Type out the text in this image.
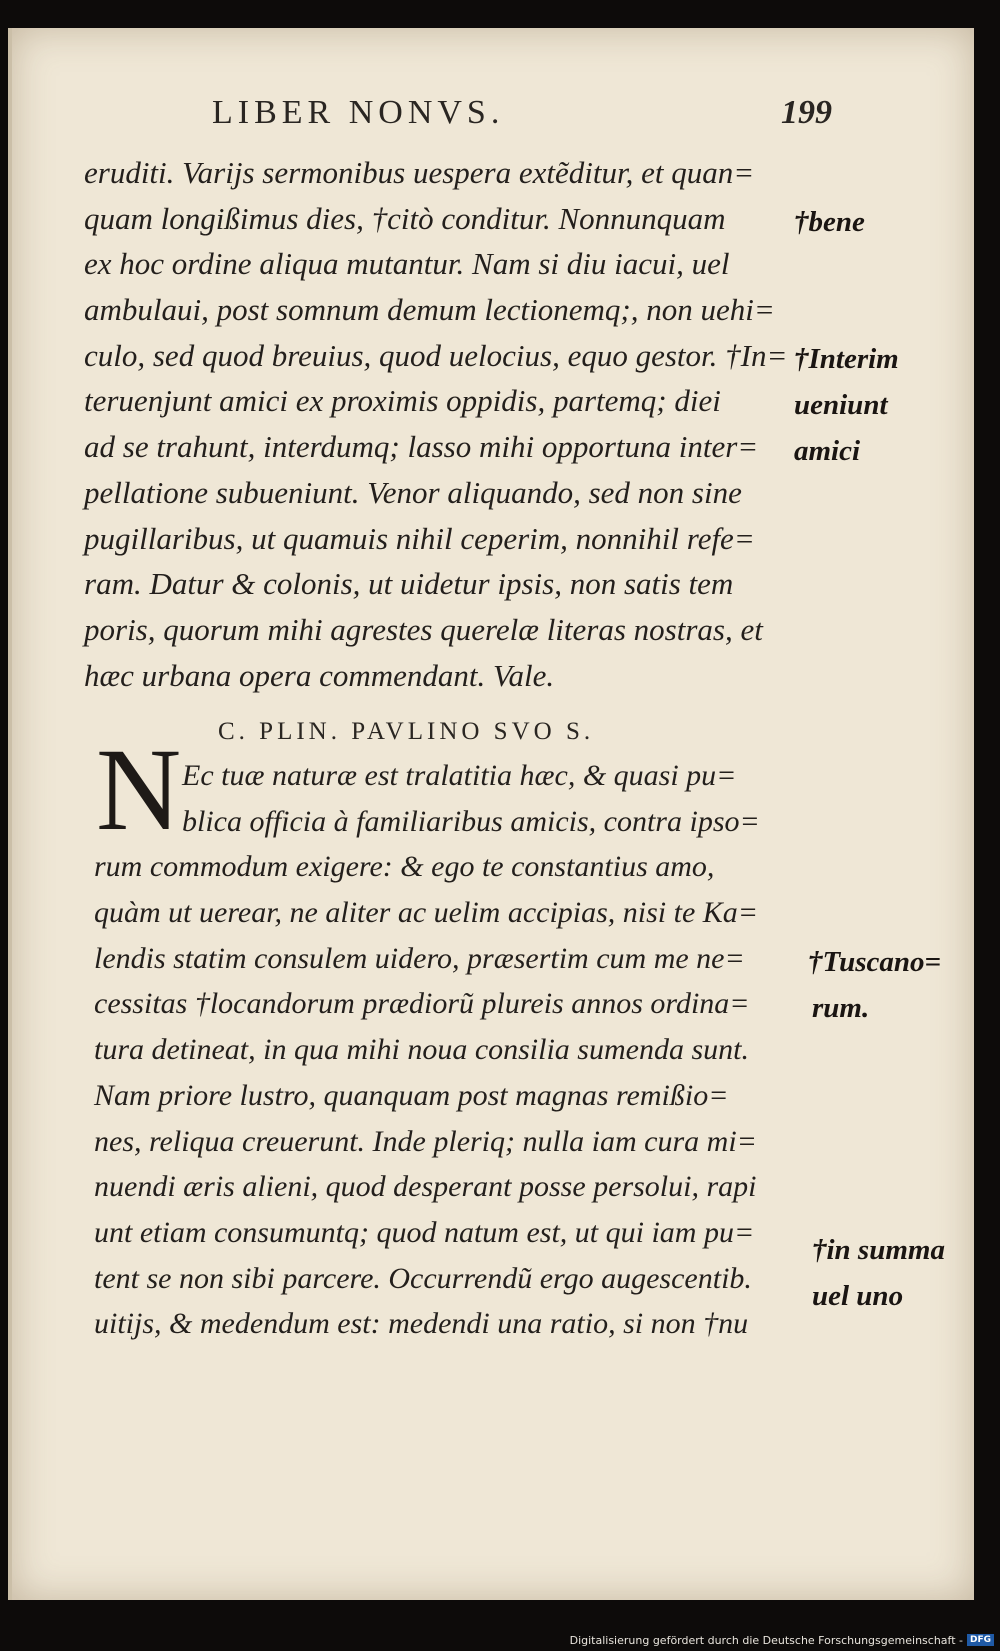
LIBER NONVS.	199
eruditi. Varijs sermonibus uespera extẽditur, et quan=
quam longißimus dies, †citò conditur. Nonnunquam
ex hoc ordine aliqua mutantur. Nam si diu iacui, uel
ambulaui, post somnum demum lectionemq;, non uehi=
culo, sed quod breuius, quod uelocius, equo gestor. †In=
teruenjunt amici ex proximis oppidis, partemq; diei
ad se trahunt, interdumq; lasso mihi opportuna inter=
pellatione subueniunt. Venor aliquando, sed non sine
pugillaribus, ut quamuis nihil ceperim, nonnihil refe=
ram. Datur & colonis, ut uidetur ipsis, non satis tem
poris, quorum mihi agrestes querelæ literas nostras, et
hæc urbana opera commendant. Vale.
C. PLIN. PAVLINO SVO S.
N Ec tuæ naturæ est tralatitia hæc, & quasi pu=
blica officia à familiaribus amicis, contra ipso=
rum commodum exigere: & ego te constantius amo,
quàm ut uerear, ne aliter ac uelim accipias, nisi te Ka=
lendis statim consulem uidero, præsertim cum me ne=
cessitas †locandorum prædiorũ plureis annos ordina=
tura detineat, in qua mihi noua consilia sumenda sunt.
Nam priore lustro, quanquam post magnas remißio=
nes, reliqua creuerunt. Inde pleriq; nulla iam cura mi=
nuendi æris alieni, quod desperant posse persolui, rapi
unt etiam consumuntq; quod natum est, ut qui iam pu=
tent se non sibi parcere. Occurrendũ ergo augescentib.
uitijs, & medendum est: medendi una ratio, si non †nu
†bene
†Interim
ueniunt
amici
†Tuscano=
rum.
†in summa
uel uno
Digitalisierung gefördert durch die Deutsche Forschungsgemeinschaft - DFG
